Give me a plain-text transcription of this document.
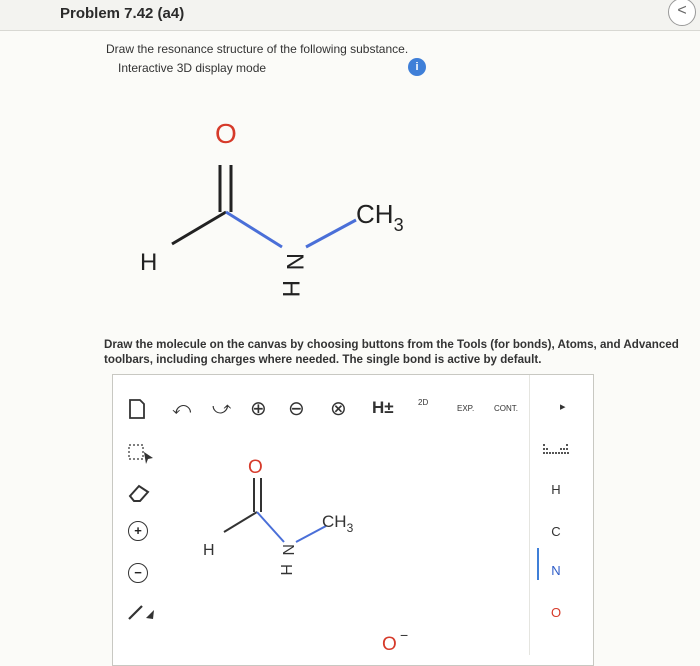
Problem 7.42 (a4)	<
Draw the resonance structure of the following substance.
Interactive 3D display mode	i
O
H	N
H
$CH_3$
Draw the molecule on the canvas by choosing buttons from the Tools (for bonds), Atoms, and Advanced toolbars, including charges where needed. The single bond is active by default.
⤺ ⤻ ⊕ ⊖ ⊗ H±	2D
EXP. CONT.	▸
+
−
H
C
N
O
O
H	N
H
$CH_3$
O −
